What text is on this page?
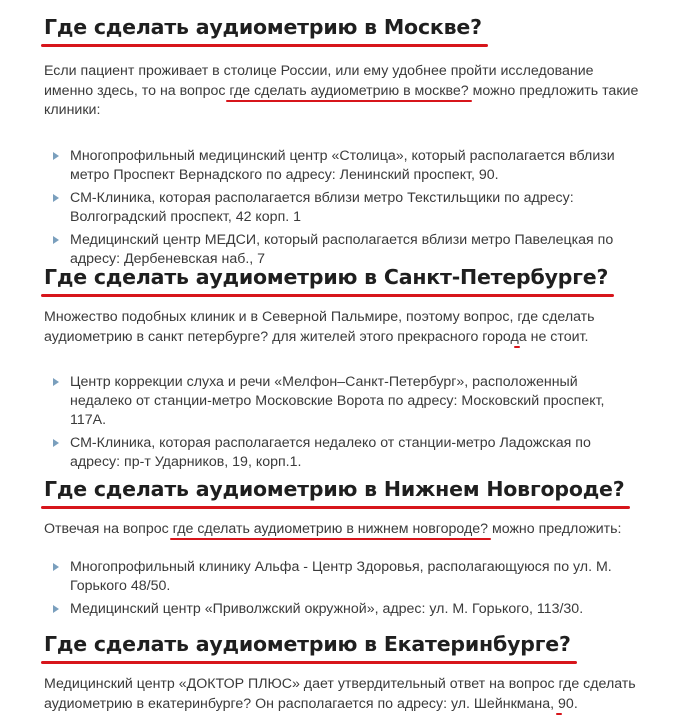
Где сделать аудиометрию в Москве?

Если пациент проживает в столице России, или ему удобнее пройти исследование именно здесь, то на вопрос где сделать аудиометрию в москве?
можно предложить такие клиники:

Многопрофильный медицинский центр «Столица», который располагается вблизи метро Проспект Вернадского по адресу: Ленинский проспект, 90.
СМ-Клиника, которая располагается вблизи метро Текстильщики по адресу: Волгоградский проспект, 42 корп. 1
Медицинский центр МЕДСИ, который располагается вблизи метро Павелецкая по адресу: Дербеневская наб., 7
Где сделать аудиометрию в Санкт-Петербурге?

Множество подобных клиник и в Северной Пальмире, поэтому вопрос, где сделать аудиометрию в санкт петербурге?
для жителей этого прекрасного города не стоит.

Центр коррекции слуха и речи «Мелфон–Санкт-Петербург», расположенный недалеко от станции-метро Московские Ворота по адресу: Московский проспект, 117А.
СМ-Клиника, которая располагается недалеко от станции-метро Ладожская по адресу: пр-т Ударников, 19, корп.1.
Где сделать аудиометрию в Нижнем Новгороде?

Отвечая на вопрос где сделать аудиометрию в нижнем новгороде?
можно предложить:

Многопрофильный клинику Альфа - Центр Здоровья, располагающуюся по ул. М. Горького 48/50.
Медицинский центр «Приволжский окружной», адрес: ул. М. Горького, 113/30.
Где сделать аудиометрию в Екатеринбурге?

Медицинский центр «ДОКТОР ПЛЮС» дает утвердительный ответ на вопрос где сделать аудиометрию в екатеринбурге?
Он располагается по адресу: ул. Шейнкмана, 90.
